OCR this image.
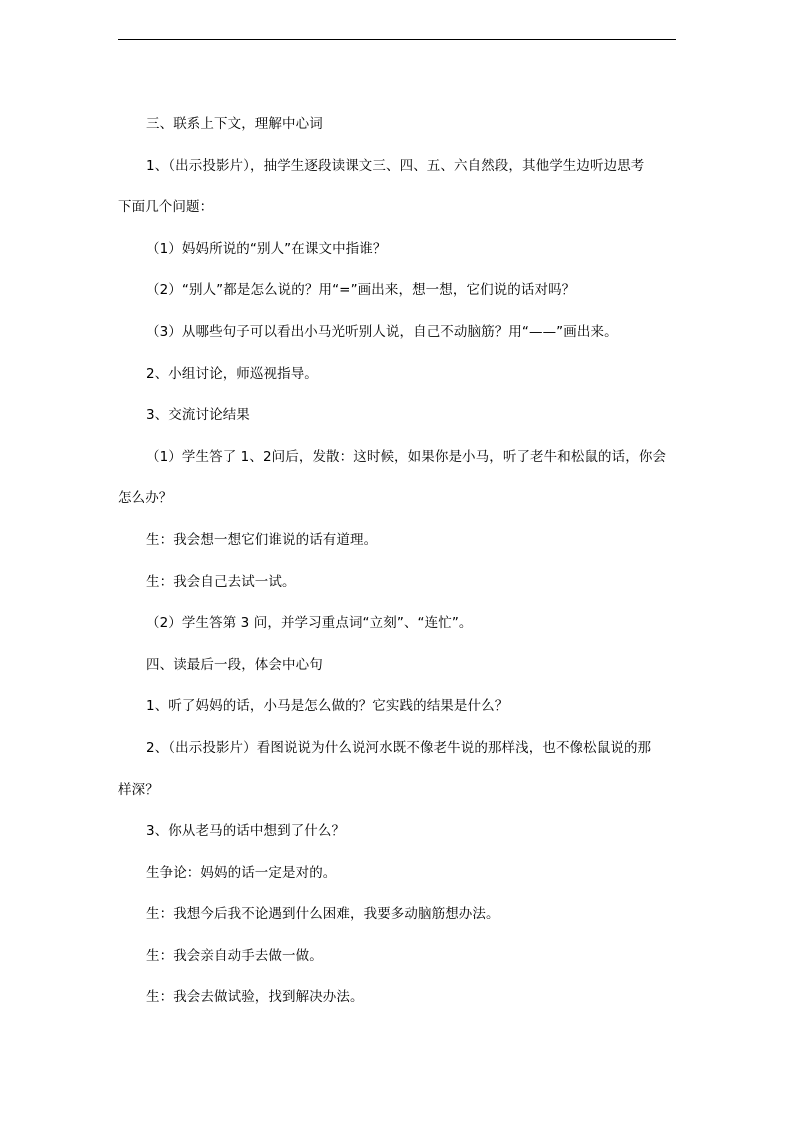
三、联系上下文，理解中心词
1、（出示投影片），抽学生逐段读课文三、四、五、六自然段，其他学生边听边思考
下面几个问题：
（1）妈妈所说的“别人”在课文中指谁？
（2）“别人”都是怎么说的？用“=”画出来，想一想，它们说的话对吗？
（3）从哪些句子可以看出小马光听别人说，自己不动脑筋？用“——”画出来。
2、小组讨论，师巡视指导。
3、交流讨论结果
（1）学生答了 1、2问后，发散：这时候，如果你是小马，听了老牛和松鼠的话，你会
怎么办？
生：我会想一想它们谁说的话有道理。
生：我会自己去试一试。
（2）学生答第 3 问，并学习重点词“立刻”、“连忙”。
四、读最后一段，体会中心句
1、听了妈妈的话，小马是怎么做的？它实践的结果是什么？
2、（出示投影片）看图说说为什么说河水既不像老牛说的那样浅，也不像松鼠说的那
样深？
3、你从老马的话中想到了什么？
生争论：妈妈的话一定是对的。
生：我想今后我不论遇到什么困难，我要多动脑筋想办法。
生：我会亲自动手去做一做。
生：我会去做试验，找到解决办法。
